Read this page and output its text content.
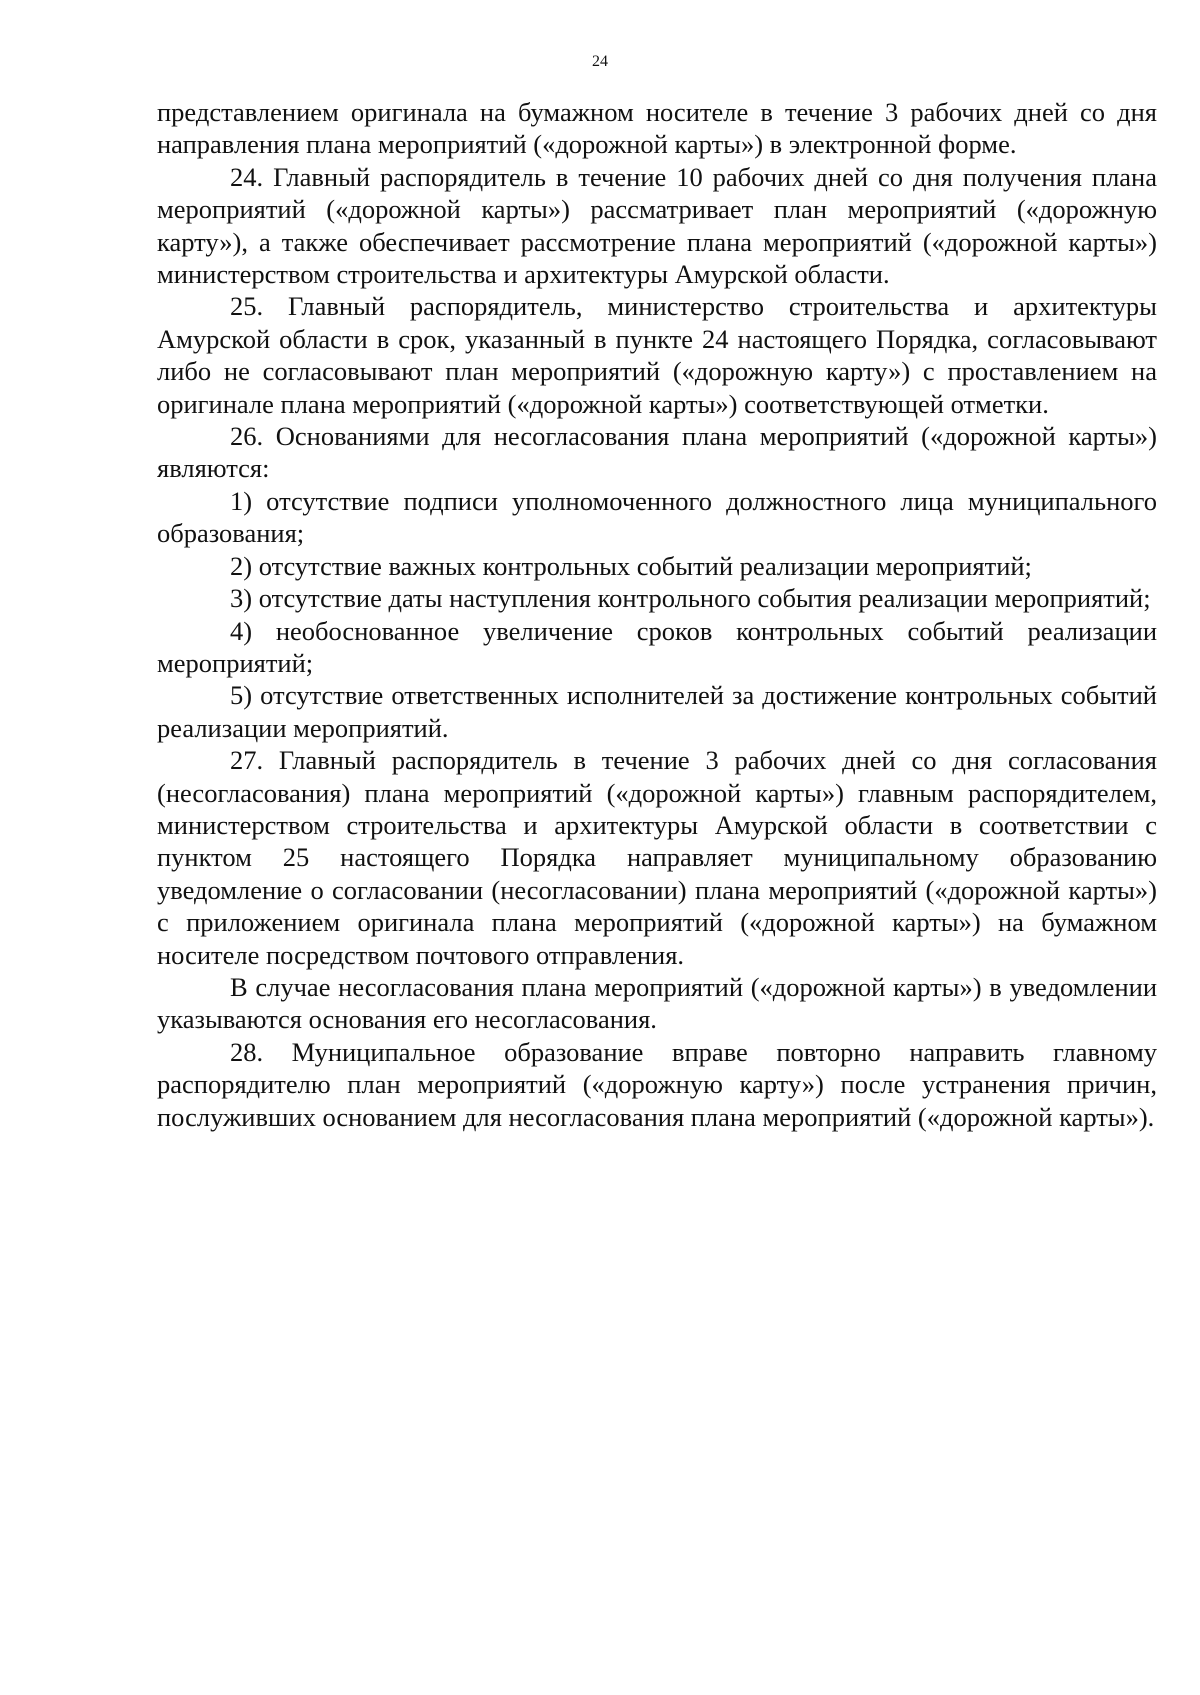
24

представлением оригинала на бумажном носителе в течение 3 рабочих дней со дня направления плана мероприятий («дорожной карты») в электронной форме.

24. Главный распорядитель в течение 10 рабочих дней со дня получения плана мероприятий («дорожной карты») рассматривает план мероприятий («дорожную карту»), а также обеспечивает рассмотрение плана мероприятий («дорожной карты») министерством строительства и архитектуры Амурской области.

25. Главный распорядитель, министерство строительства и архитектуры Амурской области в срок, указанный в пункте 24 настоящего Порядка, согласовывают либо не согласовывают план мероприятий («дорожную карту») с проставлением на оригинале плана мероприятий («дорожной карты») соответствующей отметки.

26. Основаниями для несогласования плана мероприятий («дорожной карты») являются:

1) отсутствие подписи уполномоченного должностного лица муниципального образования;

2) отсутствие важных контрольных событий реализации мероприятий;

3) отсутствие даты наступления контрольного события реализации мероприятий;

4) необоснованное увеличение сроков контрольных событий реализации мероприятий;

5) отсутствие ответственных исполнителей за достижение контрольных событий реализации мероприятий.

27. Главный распорядитель в течение 3 рабочих дней со дня согласования (несогласования) плана мероприятий («дорожной карты») главным распорядителем, министерством строительства и архитектуры Амурской области в соответствии с пунктом 25 настоящего Порядка направляет муниципальному образованию уведомление о согласовании (несогласовании) плана мероприятий («дорожной карты») с приложением оригинала плана мероприятий («дорожной карты») на бумажном носителе посредством почтового отправления.

В случае несогласования плана мероприятий («дорожной карты») в уведомлении указываются основания его несогласования.

28. Муниципальное образование вправе повторно направить главному распорядителю план мероприятий («дорожную карту») после устранения причин, послуживших основанием для несогласования плана мероприятий («дорожной карты»).
